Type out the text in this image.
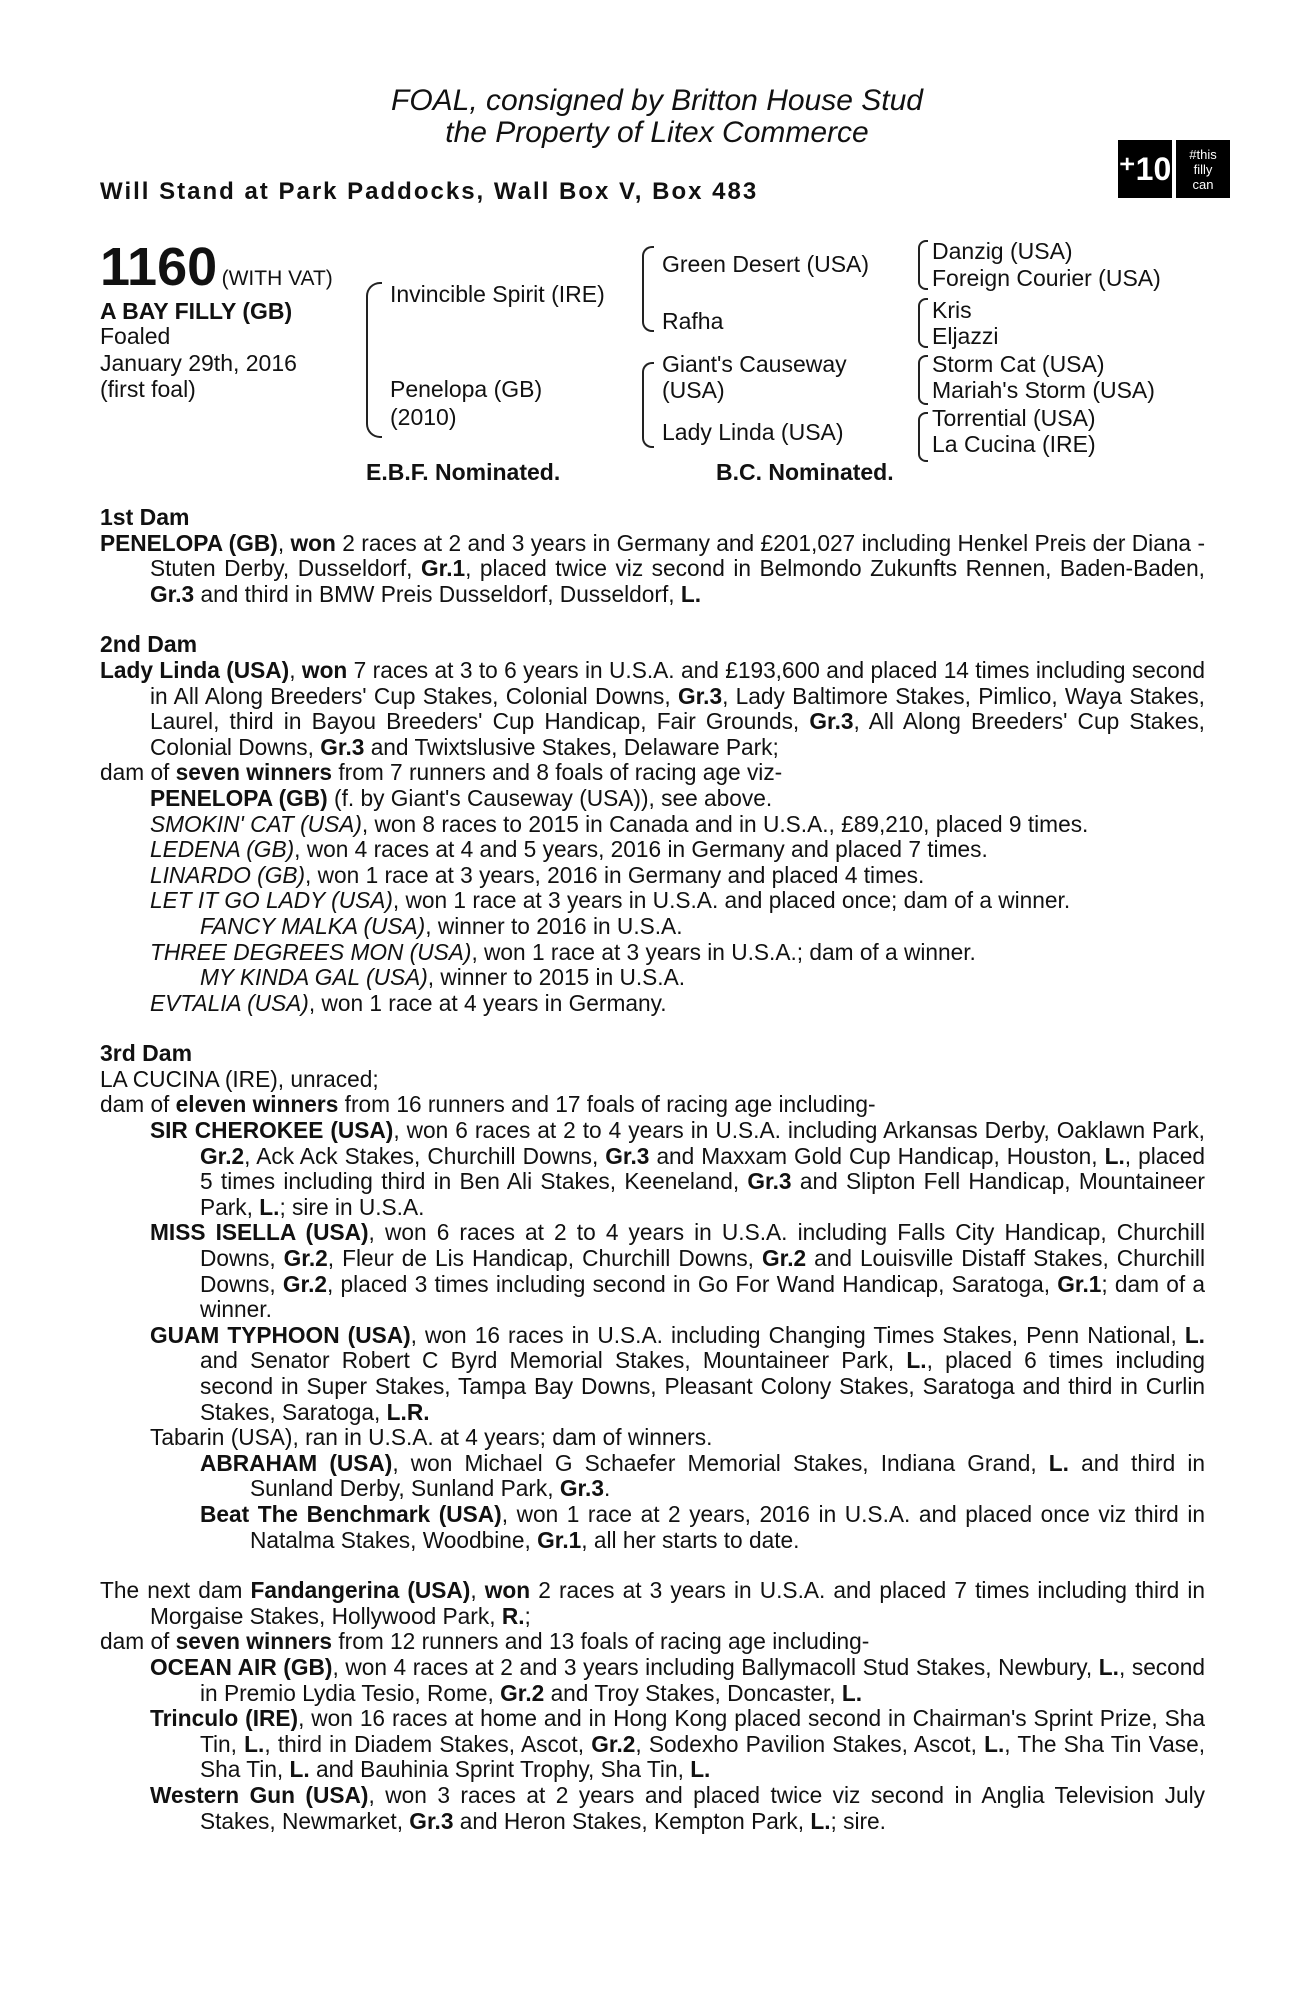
FOAL, consigned by Britton House Stud
the Property of Litex Commerce
Will Stand at Park Paddocks, Wall Box V, Box 483
⁺10 #this
filly
can
1160 (WITH VAT)
A BAY FILLY (GB)
Foaled
January 29th, 2016
(first foal)
Invincible Spirit (IRE)
Penelopa (GB)
(2010)
Green Desert (USA)
Rafha
Giant's Causeway
(USA)
Lady Linda (USA)
Danzig (USA)
Foreign Courier (USA)
Kris
Eljazzi
Storm Cat (USA)
Mariah's Storm (USA)
Torrential (USA)
La Cucina (IRE)
E.B.F. Nominated.	B.C. Nominated.
1st Dam

PENELOPA (GB), won 2 races at 2 and 3 years in Germany and £201,027 including Henkel Preis der Diana - Stuten Derby, Dusseldorf, Gr.1, placed twice viz second in Belmondo Zukunfts Rennen, Baden-Baden, Gr.3 and third in BMW Preis Dusseldorf, Dusseldorf, L.

2nd Dam

Lady Linda (USA), won 7 races at 3 to 6 years in U.S.A. and £193,600 and placed 14 times including second in All Along Breeders' Cup Stakes, Colonial Downs, Gr.3, Lady Baltimore Stakes, Pimlico, Waya Stakes, Laurel, third in Bayou Breeders' Cup Handicap, Fair Grounds, Gr.3, All Along Breeders' Cup Stakes, Colonial Downs, Gr.3 and Twixtslusive Stakes, Delaware Park;

dam of seven winners from 7 runners and 8 foals of racing age viz-

PENELOPA (GB) (f. by Giant's Causeway (USA)), see above.

SMOKIN' CAT (USA), won 8 races to 2015 in Canada and in U.S.A., £89,210, placed 9 times.

LEDENA (GB), won 4 races at 4 and 5 years, 2016 in Germany and placed 7 times.

LINARDO (GB), won 1 race at 3 years, 2016 in Germany and placed 4 times.

LET IT GO LADY (USA), won 1 race at 3 years in U.S.A. and placed once; dam of a winner.

FANCY MALKA (USA), winner to 2016 in U.S.A.

THREE DEGREES MON (USA), won 1 race at 3 years in U.S.A.; dam of a winner.

MY KINDA GAL (USA), winner to 2015 in U.S.A.

EVTALIA (USA), won 1 race at 4 years in Germany.

3rd Dam

LA CUCINA (IRE), unraced;

dam of eleven winners from 16 runners and 17 foals of racing age including-

SIR CHEROKEE (USA), won 6 races at 2 to 4 years in U.S.A. including Arkansas Derby, Oaklawn Park, Gr.2, Ack Ack Stakes, Churchill Downs, Gr.3 and Maxxam Gold Cup Handicap, Houston, L., placed 5 times including third in Ben Ali Stakes, Keeneland, Gr.3 and Slipton Fell Handicap, Mountaineer Park, L.; sire in U.S.A.

MISS ISELLA (USA), won 6 races at 2 to 4 years in U.S.A. including Falls City Handicap, Churchill Downs, Gr.2, Fleur de Lis Handicap, Churchill Downs, Gr.2 and Louisville Distaff Stakes, Churchill Downs, Gr.2, placed 3 times including second in Go For Wand Handicap, Saratoga, Gr.1; dam of a winner.

GUAM TYPHOON (USA), won 16 races in U.S.A. including Changing Times Stakes, Penn National, L. and Senator Robert C Byrd Memorial Stakes, Mountaineer Park, L., placed 6 times including second in Super Stakes, Tampa Bay Downs, Pleasant Colony Stakes, Saratoga and third in Curlin Stakes, Saratoga, L.R.

Tabarin (USA), ran in U.S.A. at 4 years; dam of winners.

ABRAHAM (USA), won Michael G Schaefer Memorial Stakes, Indiana Grand, L. and third in Sunland Derby, Sunland Park, Gr.3.

Beat The Benchmark (USA), won 1 race at 2 years, 2016 in U.S.A. and placed once viz third in Natalma Stakes, Woodbine, Gr.1, all her starts to date.

The next dam Fandangerina (USA), won 2 races at 3 years in U.S.A. and placed 7 times including third in Morgaise Stakes, Hollywood Park, R.;

dam of seven winners from 12 runners and 13 foals of racing age including-

OCEAN AIR (GB), won 4 races at 2 and 3 years including Ballymacoll Stud Stakes, Newbury, L., second in Premio Lydia Tesio, Rome, Gr.2 and Troy Stakes, Doncaster, L.

Trinculo (IRE), won 16 races at home and in Hong Kong placed second in Chairman's Sprint Prize, Sha Tin, L., third in Diadem Stakes, Ascot, Gr.2, Sodexho Pavilion Stakes, Ascot, L., The Sha Tin Vase, Sha Tin, L. and Bauhinia Sprint Trophy, Sha Tin, L.

Western Gun (USA), won 3 races at 2 years and placed twice viz second in Anglia Television July Stakes, Newmarket, Gr.3 and Heron Stakes, Kempton Park, L.; sire.
